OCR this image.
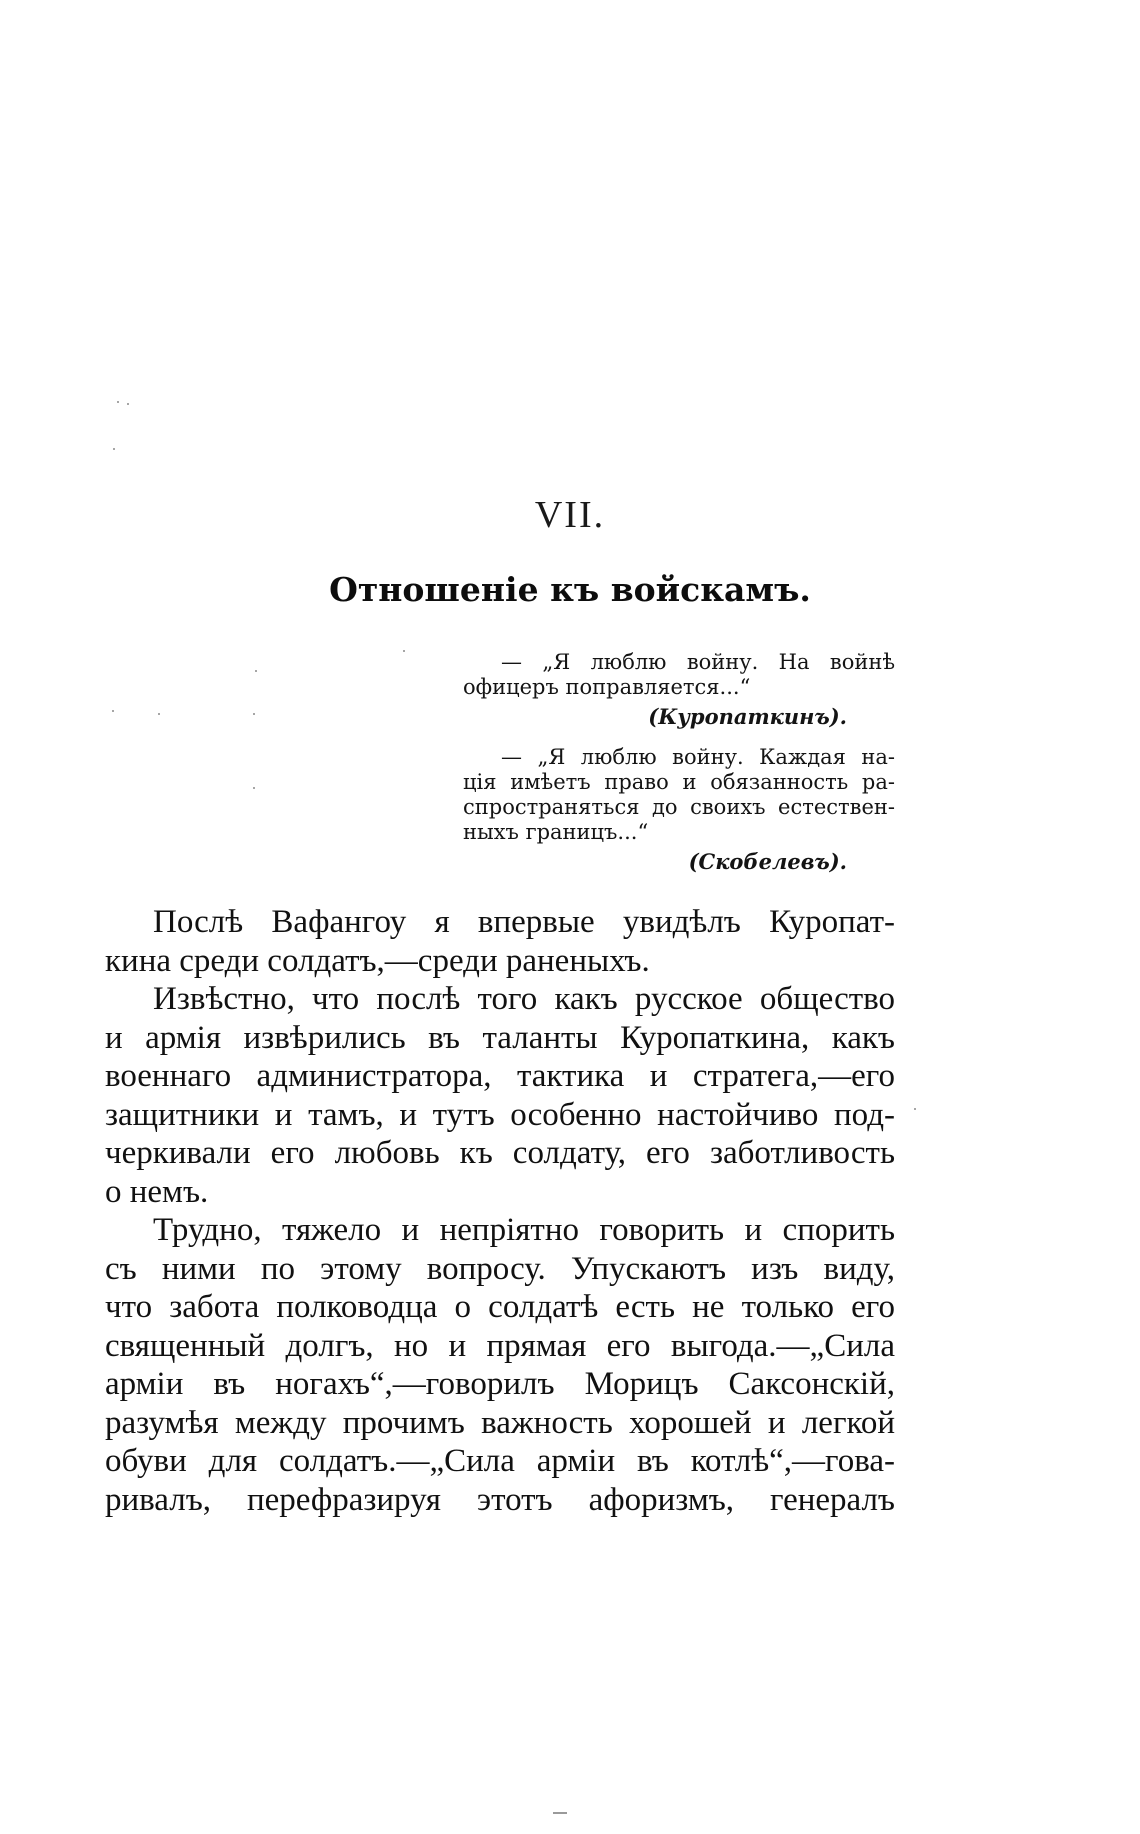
VII.
Отношеніе къ войскамъ.
— „Я люблю войну. На войнѣ
офицеръ поправляется...“
(Куропаткинъ).
— „Я люблю войну. Каждая на-
ція имѣетъ право и обязанность ра-
спространяться до своихъ естествен-
ныхъ границъ...“
(Скобелевъ).
Послѣ Вафангоу я впервые увидѣлъ Куропат-
кина среди солдатъ,—среди раненыхъ.
Извѣстно, что послѣ того какъ русское общество
и армія извѣрились въ таланты Куропаткина, какъ
военнаго администратора, тактика и стратега,—его
защитники и тамъ, и тутъ особенно настойчиво под-
черкивали его любовь къ солдату, его заботливость
о немъ.
Трудно, тяжело и непріятно говорить и спорить
съ ними по этому вопросу. Упускаютъ изъ виду,
что забота полководца о солдатѣ есть не только его
священный долгъ, но и прямая его выгода.—„Сила
арміи въ ногахъ“,—говорилъ Морицъ Саксонскій,
разумѣя между прочимъ важность хорошей и легкой
обуви для солдатъ.—„Сила арміи въ котлѣ“,—гова-
ривалъ, перефразируя этотъ афоризмъ, генералъ
